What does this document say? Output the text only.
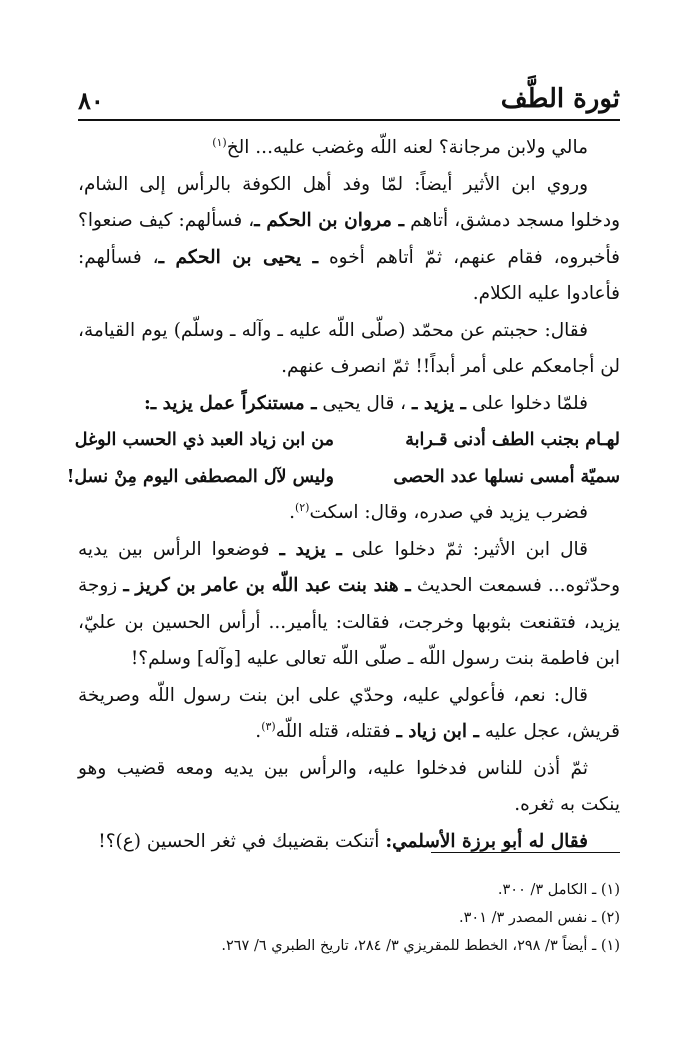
٨٠	ثورة الطَّف

مالي ولابن مرجانة؟ لعنه اللّه وغضب عليه... الخ$^{(١)}$

وروي ابن الأثير أيضاً: لمّا وفد أهل الكوفة بالرأس إلى الشام، ودخلوا مسجد دمشق، أتاهم ـ مروان بن الحكم ـ، فسألهم: كيف صنعوا؟ فأخبروه، فقام عنهم، ثمّ أتاهم أخوه ـ يحيى بن الحكم ـ، فسألهم: فأعادوا عليه الكلام.

فقال: حجبتم عن محمّد (صلّى اللّه عليه ـ وآله ـ وسلّم) يوم القيامة، لن أجامعكم على أمر أبداً!! ثمّ انصرف عنهم.

فلمّا دخلوا على ـ يزيد ـ ، قال يحيى ـ مستنكراً عمل يزيد ـ:

لهـام بجنب الطف أدنى قـرابة
من ابن زياد العبد ذي الحسب الوغل
سميّة أمسى نسلها عدد الحصى
وليس لآل المصطفى اليوم مِنْ نسل!

فضرب يزيد في صدره، وقال: اسكت$^{(٢)}$.

قال ابن الأثير: ثمّ دخلوا على ـ يزيد ـ فوضعوا الرأس بين يديه وحدّثوه... فسمعت الحديث ـ هند بنت عبد اللّه بن عامر بن كريز ـ زوجة يزيد، فتقنعت بثوبها وخرجت، فقالت: ياأمير... أرأس الحسين بن عليّ، ابن فاطمة بنت رسول اللّه ـ صلّى اللّه تعالى عليه [وآله] وسلم؟!

قال: نعم، فأعولي عليه، وحدّي على ابن بنت رسول اللّه وصريخة قريش، عجل عليه ـ ابن زياد ـ فقتله، قتله اللّه$^{(٣)}$.

ثمّ أذن للناس فدخلوا عليه، والرأس بين يديه ومعه قضيب وهو ينكت به ثغره.

فقال له أبو برزة الأسلمي: أتنكت بقضيبك في ثغر الحسين (ع)؟!

(١) ـ الكامل ٣/ ٣٠٠.
(٢) ـ نفس المصدر ٣/ ٣٠١.
(١) ـ أيضاً ٣/ ٢٩٨، الخطط للمقريزي ٣/ ٢٨٤، تاريخ الطبري ٦/ ٢٦٧.
